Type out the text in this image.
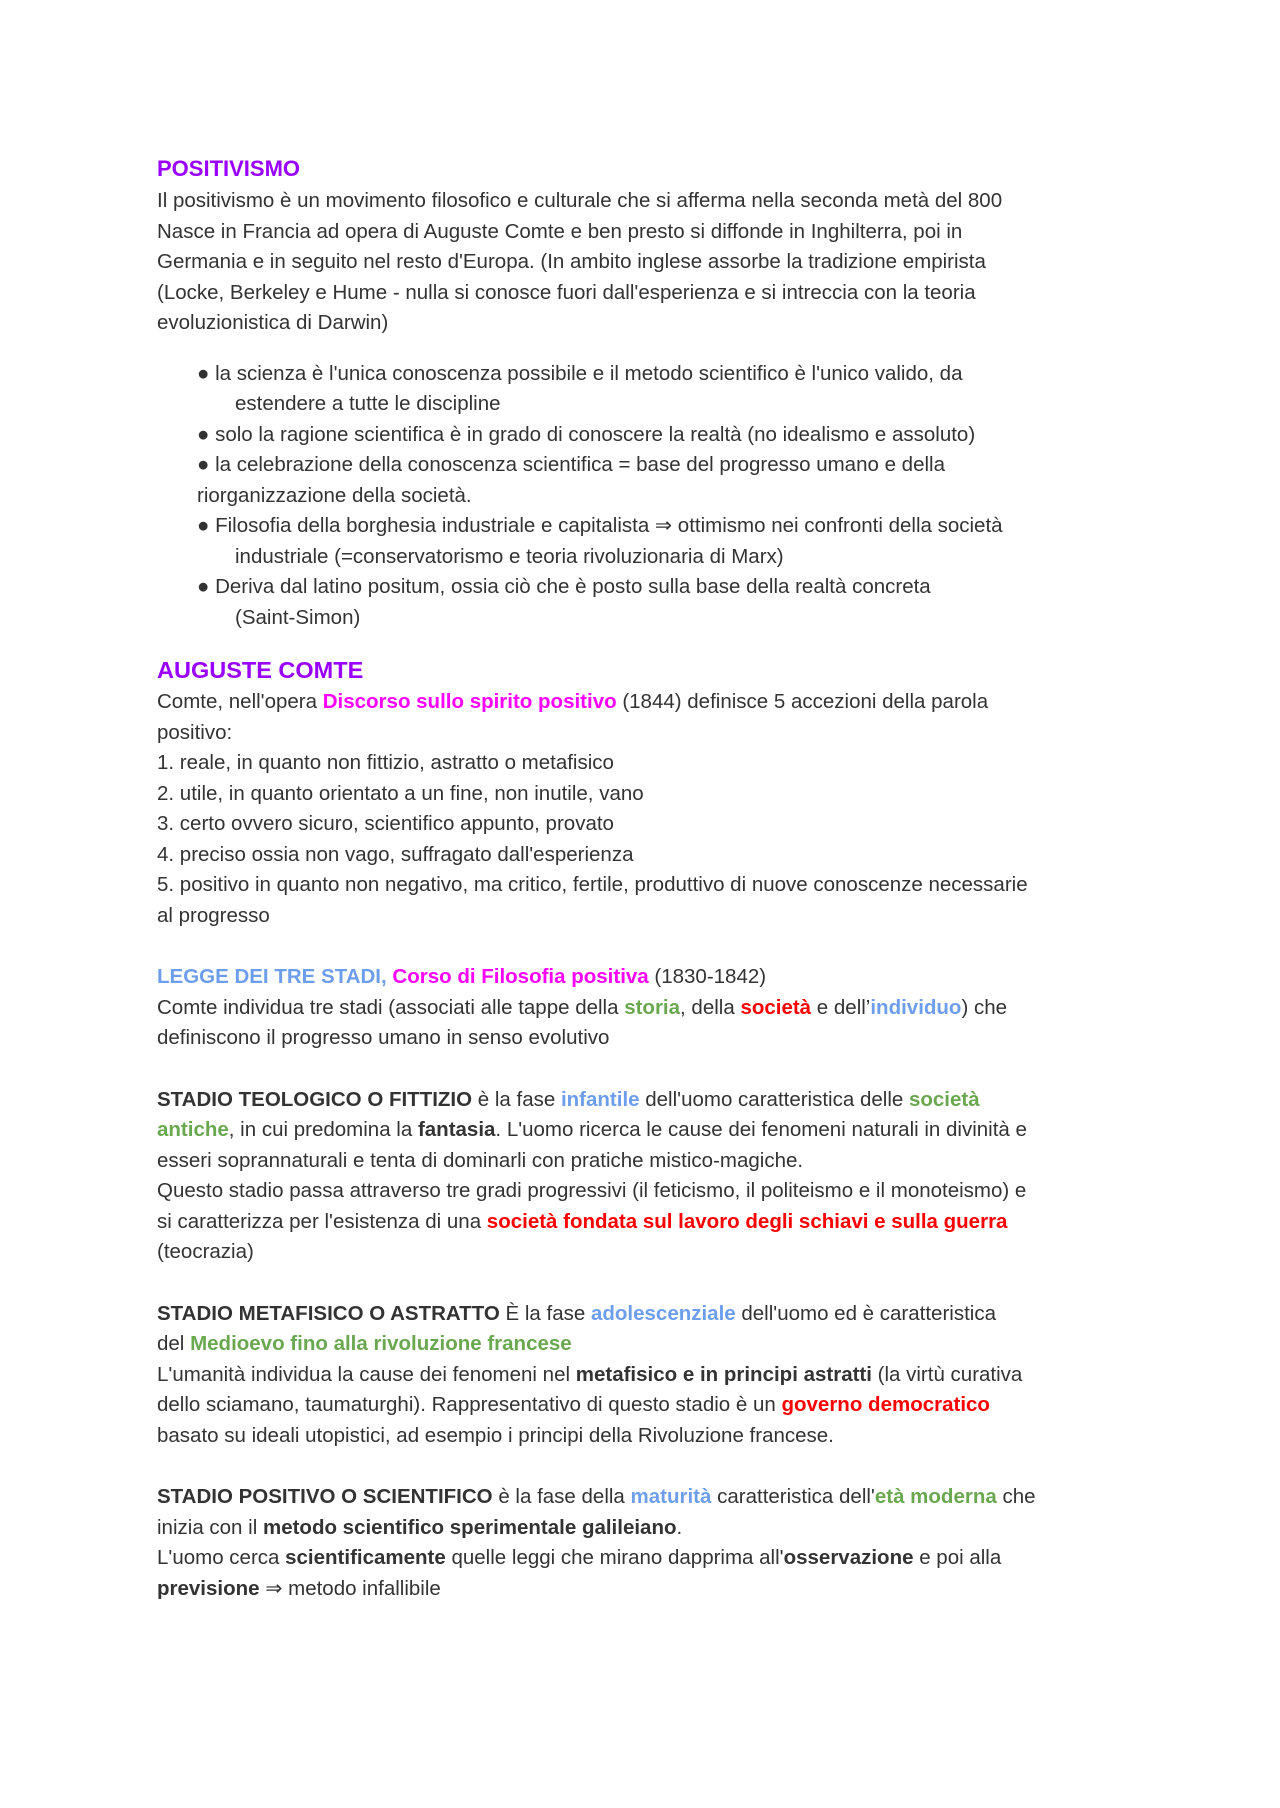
POSITIVISMO

Il positivismo è un movimento filosofico e culturale che si afferma nella seconda metà del 800

Nasce in Francia ad opera di Auguste Comte e ben presto si diffonde in Inghilterra, poi in

Germania e in seguito nel resto d'Europa. (In ambito inglese assorbe la tradizione empirista

(Locke, Berkeley e Hume - nulla si conosce fuori dall'esperienza e si intreccia con la teoria

evoluzionistica di Darwin)

● la scienza è l'unica conoscenza possibile e il metodo scientifico è l'unico valido, da
estendere a tutte le discipline
● solo la ragione scientifica è in grado di conoscere la realtà (no idealismo e assoluto)
● la celebrazione della conoscenza scientifica = base del progresso umano e della
riorganizzazione della società.
● Filosofia della borghesia industriale e capitalista ⇒ ottimismo nei confronti della società
industriale (=conservatorismo e teoria rivoluzionaria di Marx)
● Deriva dal latino positum, ossia ciò che è posto sulla base della realtà concreta
(Saint-Simon)

AUGUSTE COMTE

Comte, nell'opera Discorso sullo spirito positivo (1844) definisce 5 accezioni della parola

positivo:

1. reale, in quanto non fittizio, astratto o metafisico

2. utile, in quanto orientato a un fine, non inutile, vano

3. certo ovvero sicuro, scientifico appunto, provato

4. preciso ossia non vago, suffragato dall'esperienza

5. positivo in quanto non negativo, ma critico, fertile, produttivo di nuove conoscenze necessarie

al progresso

LEGGE DEI TRE STADI, Corso di Filosofia positiva (1830-1842)

Comte individua tre stadi (associati alle tappe della storia, della società e dell’individuo) che

definiscono il progresso umano in senso evolutivo

STADIO TEOLOGICO O FITTIZIO è la fase infantile dell'uomo caratteristica delle società

antiche, in cui predomina la fantasia. L'uomo ricerca le cause dei fenomeni naturali in divinità e

esseri soprannaturali e tenta di dominarli con pratiche mistico-magiche.

Questo stadio passa attraverso tre gradi progressivi (il feticismo, il politeismo e il monoteismo) e

si caratterizza per l'esistenza di una società fondata sul lavoro degli schiavi e sulla guerra

(teocrazia)

STADIO METAFISICO O ASTRATTO È la fase adolescenziale dell'uomo ed è caratteristica

del Medioevo fino alla rivoluzione francese

L'umanità individua la cause dei fenomeni nel metafisico e in principi astratti (la virtù curativa

dello sciamano, taumaturghi). Rappresentativo di questo stadio è un governo democratico

basato su ideali utopistici, ad esempio i principi della Rivoluzione francese.

STADIO POSITIVO O SCIENTIFICO è la fase della maturità caratteristica dell'età moderna che

inizia con il metodo scientifico sperimentale galileiano.

L'uomo cerca scientificamente quelle leggi che mirano dapprima all'osservazione e poi alla

previsione ⇒ metodo infallibile
